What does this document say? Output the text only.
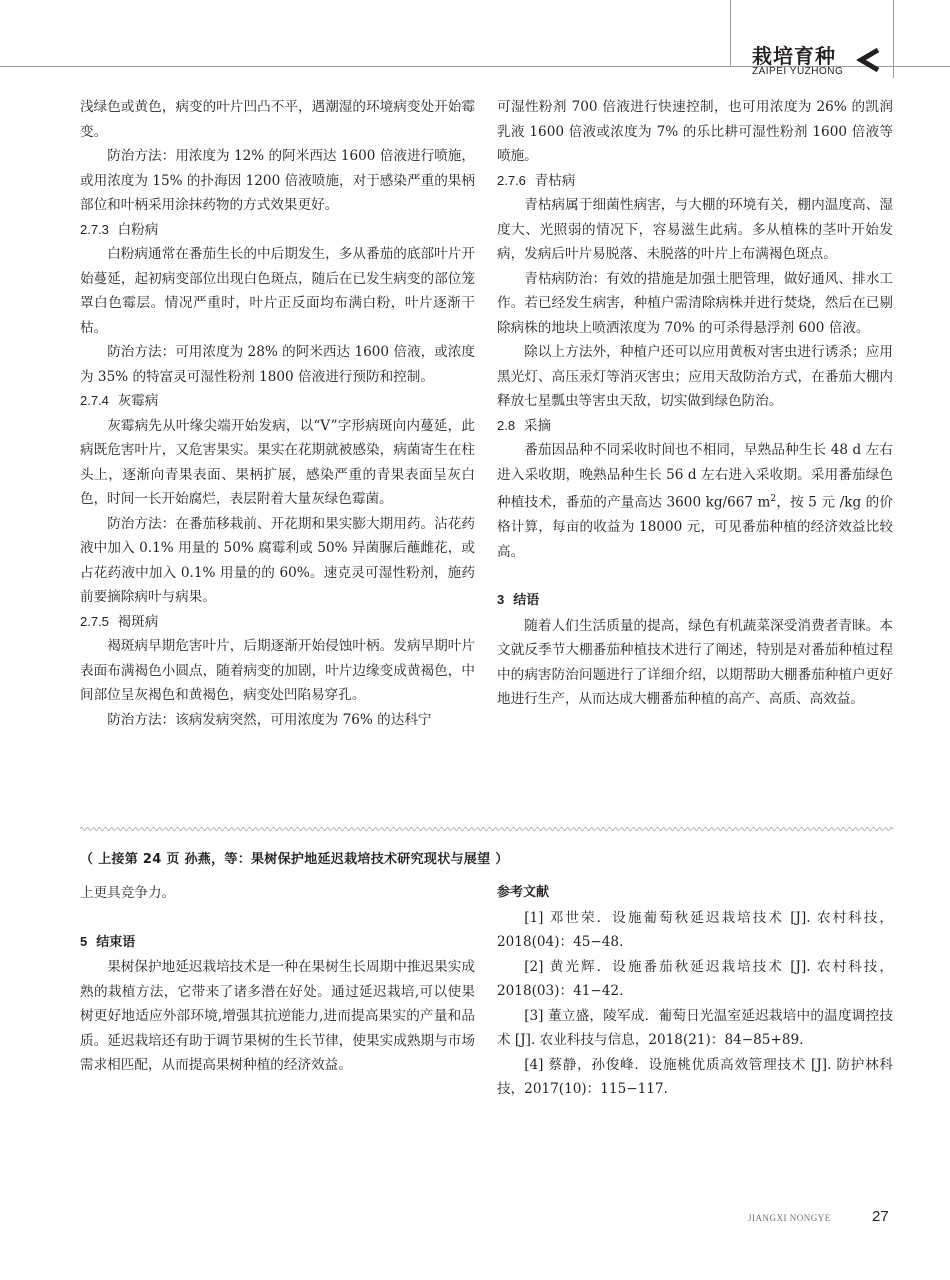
栽培育种
ZAIPEI YUZHONG

浅绿色或黄色，病变的叶片凹凸不平，遇潮湿的环境病变处开始霉变。

防治方法：用浓度为 12% 的阿米西达 1600 倍液进行喷施，或用浓度为 15% 的扑海因 1200 倍液喷施，对于感染严重的果柄部位和叶柄采用涂抹药物的方式效果更好。

2.7.3 白粉病

白粉病通常在番茄生长的中后期发生，多从番茄的底部叶片开始蔓延，起初病变部位出现白色斑点，随后在已发生病变的部位笼罩白色霉层。情况严重时，叶片正反面均布满白粉，叶片逐渐干枯。

防治方法：可用浓度为 28% 的阿米西达 1600 倍液，或浓度为 35% 的特富灵可湿性粉剂 1800 倍液进行预防和控制。

2.7.4 灰霉病

灰霉病先从叶缘尖端开始发病，以“V”字形病斑向内蔓延，此病既危害叶片，又危害果实。果实在花期就被感染，病菌寄生在柱头上，逐渐向青果表面、果柄扩展，感染严重的青果表面呈灰白色，时间一长开始腐烂，表层附着大量灰绿色霉菌。

防治方法：在番茄移栽前、开花期和果实膨大期用药。沾花药液中加入 0.1% 用量的 50% 腐霉利或 50% 异菌脲后蘸雌花，或占花药液中加入 0.1% 用量的的 60%。速克灵可湿性粉剂，施药前要摘除病叶与病果。

2.7.5 褐斑病

褐斑病早期危害叶片，后期逐渐开始侵蚀叶柄。发病早期叶片表面布满褐色小圆点，随着病变的加剧，叶片边缘变成黄褐色，中间部位呈灰褐色和黄褐色，病变处凹陷易穿孔。

防治方法：该病发病突然，可用浓度为 76% 的达科宁

可湿性粉剂 700 倍液进行快速控制，也可用浓度为 26% 的凯润乳液 1600 倍液或浓度为 7% 的乐比耕可湿性粉剂 1600 倍液等喷施。

2.7.6 青枯病

青枯病属于细菌性病害，与大棚的环境有关，棚内温度高、湿度大、光照弱的情况下，容易滋生此病。多从植株的茎叶开始发病，发病后叶片易脱落、未脱落的叶片上布满褐色斑点。

青枯病防治：有效的措施是加强土肥管理，做好通风、排水工作。若已经发生病害，种植户需清除病株并进行焚烧，然后在已剔除病株的地块上喷洒浓度为 70% 的可杀得悬浮剂 600 倍液。

除以上方法外，种植户还可以应用黄板对害虫进行诱杀；应用黑光灯、高压汞灯等消灭害虫；应用天敌防治方式，在番茄大棚内释放七星瓢虫等害虫天敌，切实做到绿色防治。

2.8 采摘

番茄因品种不同采收时间也不相同，早熟品种生长 48 d 左右进入采收期，晚熟品种生长 56 d 左右进入采收期。采用番茄绿色种植技术，番茄的产量高达 3600 kg/667 $m^2$，按 5 元 /kg 的价格计算，每亩的收益为 18000 元，可见番茄种植的经济效益比较高。

3 结语

随着人们生活质量的提高，绿色有机蔬菜深受消费者青睐。本文就反季节大棚番茄种植技术进行了阐述，特别是对番茄种植过程中的病害防治问题进行了详细介绍，以期帮助大棚番茄种植户更好地进行生产，从而达成大棚番茄种植的高产、高质、高效益。

（ 上接第 24 页 孙燕，等：果树保护地延迟栽培技术研究现状与展望 ）

上更具竞争力。

5 结束语

果树保护地延迟栽培技术是一种在果树生长周期中推迟果实成熟的栽植方法，它带来了诸多潜在好处。通过延迟栽培,可以使果树更好地适应外部环境,增强其抗逆能力,进而提高果实的产量和品质。延迟栽培还有助于调节果树的生长节律，使果实成熟期与市场需求相匹配，从而提高果树种植的经济效益。

参考文献

[1] 邓世荣．设施葡萄秋延迟栽培技术 [J]. 农村科技，2018(04)：45−48.

[2] 黄光辉．设施番茄秋延迟栽培技术 [J]. 农村科技，2018(03)：41−42.

[3] 董立盛，陵军成．葡萄日光温室延迟栽培中的温度调控技术 [J]. 农业科技与信息，2018(21)：84−85+89.

[4] 蔡静，孙俊峰．设施桃优质高效管理技术 [J]. 防护林科技，2017(10)：115−117.

JIANGXI NONGYE	27
